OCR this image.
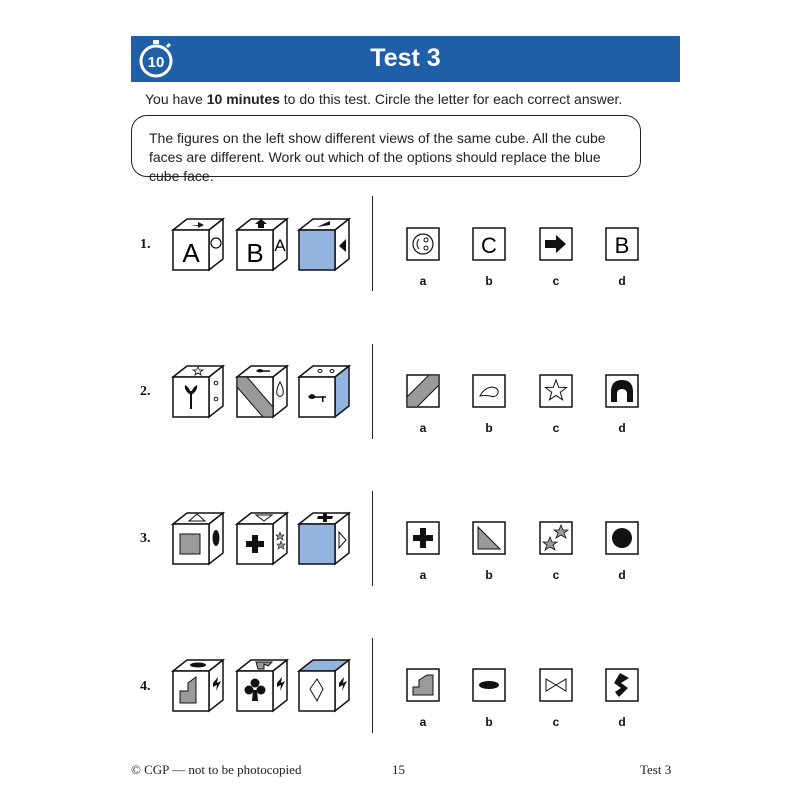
10	Test 3
You have 10 minutes to do this test. Circle the letter for each correct answer.
The figures on the left show different views of the same cube. All the cube faces are different. Work out which of the options should replace the blue cube face.
1. A B A	C	B
a	b	c	d
2.
a	b	c	d
3.
a	b	c	d
4.
a	b	c	d
© CGP — not to be photocopied	15	Test 3
